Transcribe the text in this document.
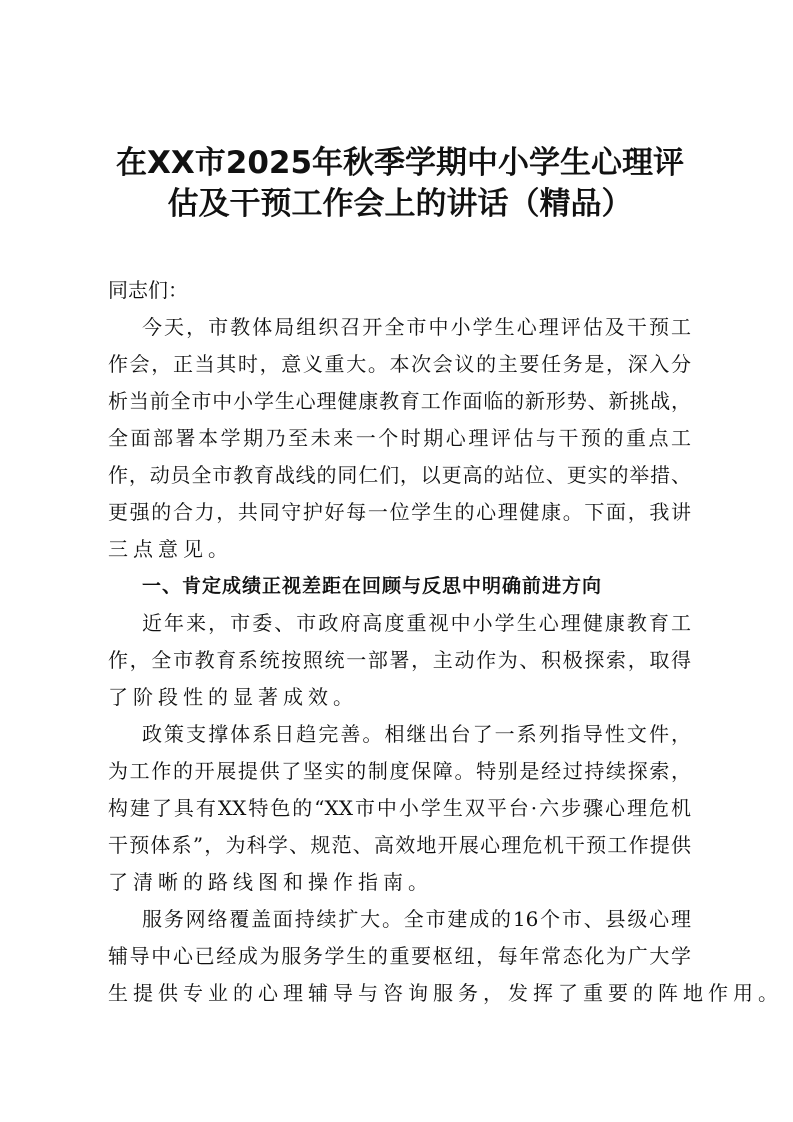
在XX市2025年秋季学期中小学生心理评
估及干预工作会上的讲话（精品）
同志们：
今天，市教体局组织召开全市中小学生心理评估及干预工
作会，正当其时，意义重大。本次会议的主要任务是，深入分
析当前全市中小学生心理健康教育工作面临的新形势、新挑战，
全面部署本学期乃至未来一个时期心理评估与干预的重点工
作，动员全市教育战线的同仁们，以更高的站位、更实的举措、
更强的合力，共同守护好每一位学生的心理健康。下面，我讲
三点意见。
一、肯定成绩正视差距在回顾与反思中明确前进方向
近年来，市委、市政府高度重视中小学生心理健康教育工
作，全市教育系统按照统一部署，主动作为、积极探索，取得
了阶段性的显著成效。
政策支撑体系日趋完善。相继出台了一系列指导性文件，
为工作的开展提供了坚实的制度保障。特别是经过持续探索，
构建了具有XX特色的“XX市中小学生双平台·六步骤心理危机
干预体系”，为科学、规范、高效地开展心理危机干预工作提供
了清晰的路线图和操作指南。
服务网络覆盖面持续扩大。全市建成的16个市、县级心理
辅导中心已经成为服务学生的重要枢纽，每年常态化为广大学
生提供专业的心理辅导与咨询服务，发挥了重要的阵地作用。
